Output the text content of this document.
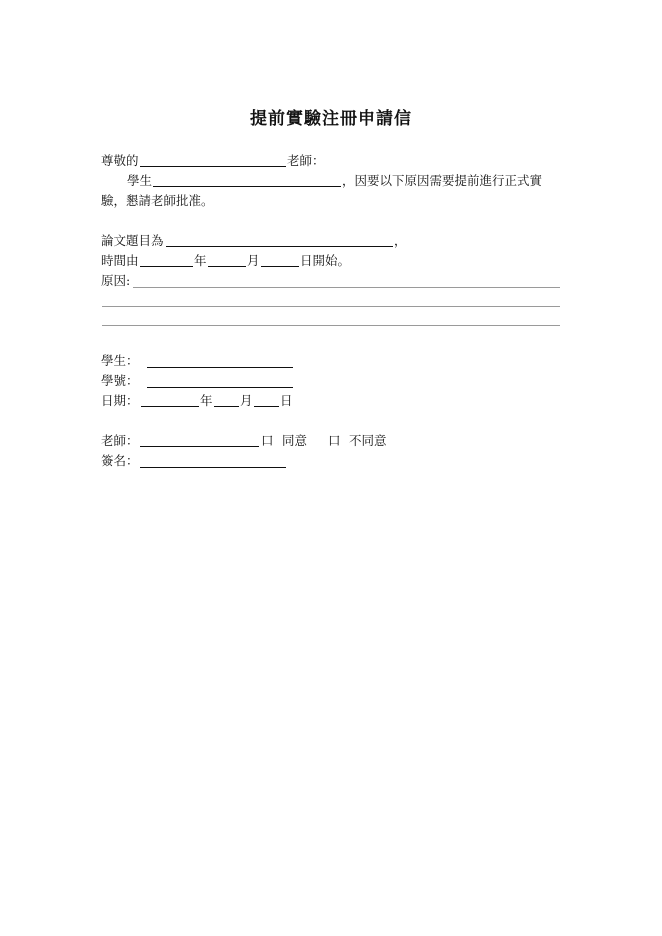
提前實驗注冊申請信
尊敬的	老師：
學生	，因要以下原因需要提前進行正式實
驗，懇請老師批准。
論文題目為	，
時間由	年	月	日開始。
原因:
學生：
學號：
日期：	年 月 日
老師：	口 同意 口 不同意
簽名：
